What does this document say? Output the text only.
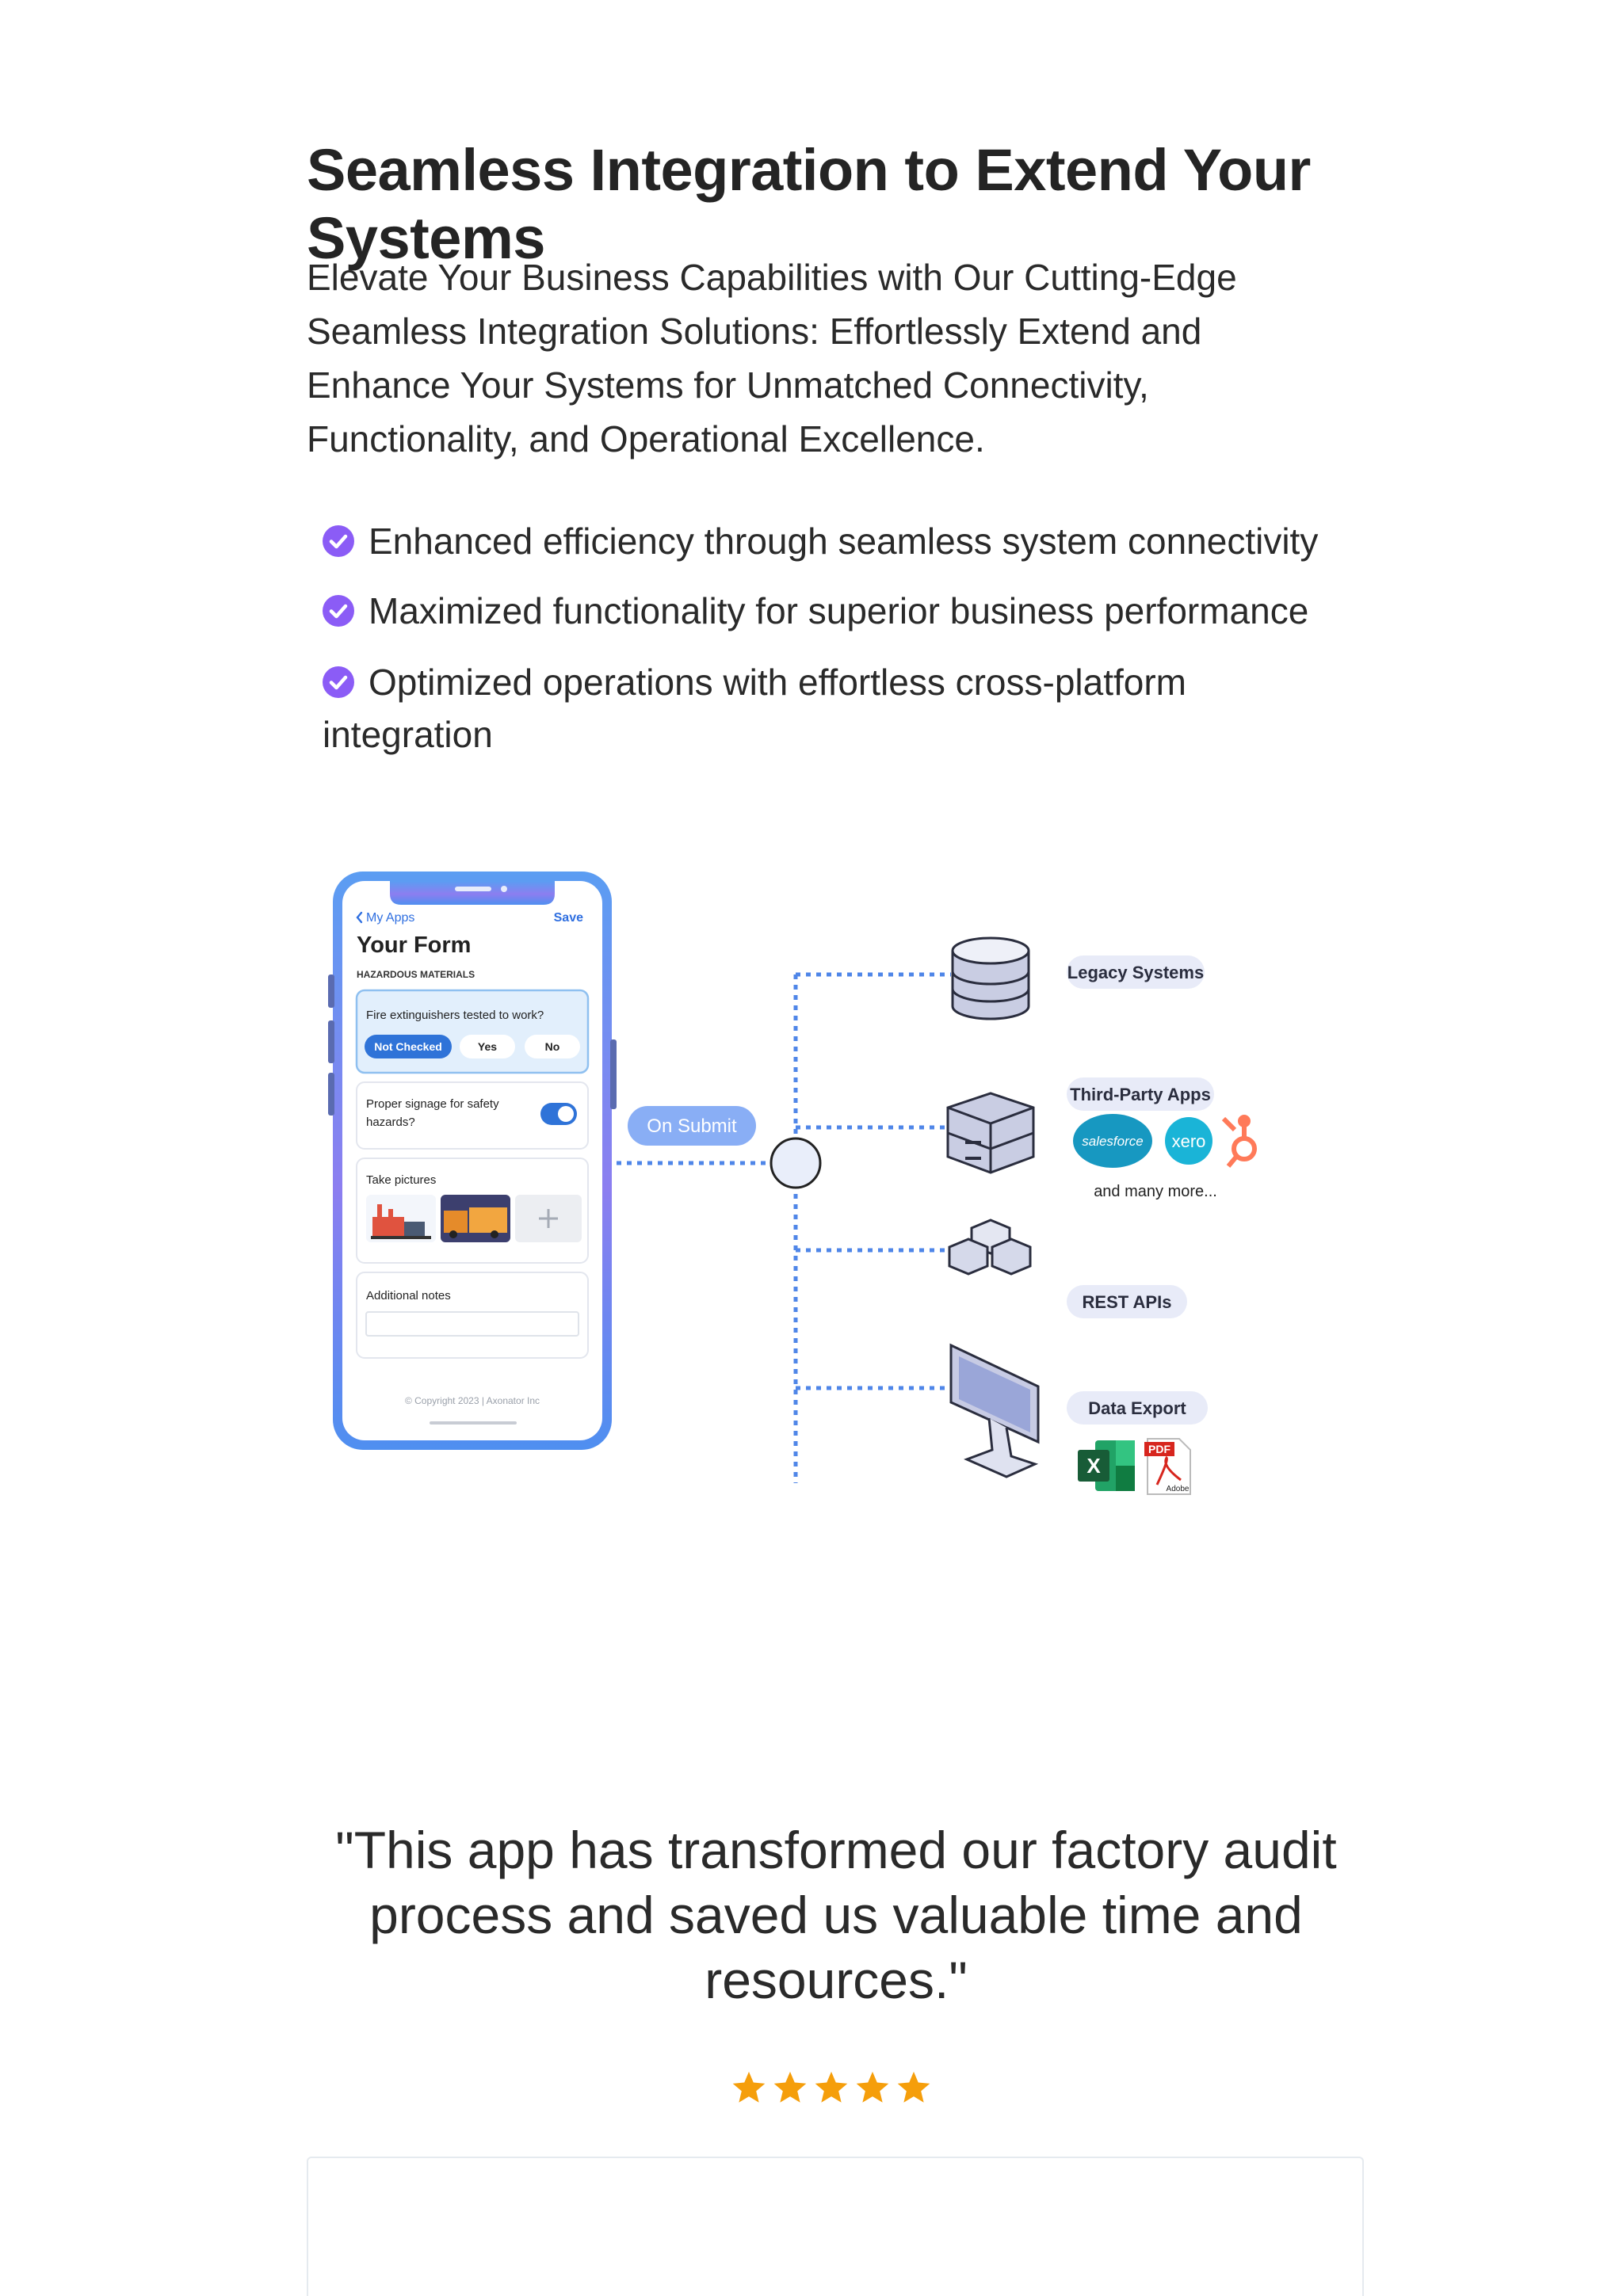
Seamless Integration to Extend Your Systems

Elevate Your Business Capabilities with Our Cutting-Edge Seamless Integration Solutions: Effortlessly Extend and Enhance Your Systems for Unmatched Connectivity, Functionality, and Operational Excellence.

Enhanced efficiency through seamless system connectivity
Maximized functionality for superior business performance
Optimized operations with effortless cross-platform integration
My Apps	Save
Your Form
HAZARDOUS MATERIALS
Fire extinguishers tested to work?
Not Checked	Yes	No
Proper signage for safety
hazards?
Take pictures
Additional notes
© Copyright 2023 | Axonator Inc
On Submit
Legacy Systems
Third-Party Apps
REST APIs
Data Export
salesforce xero
and many more...
X
PDF
Adobe

"This app has transformed our factory audit process and saved us valuable time and resources."
